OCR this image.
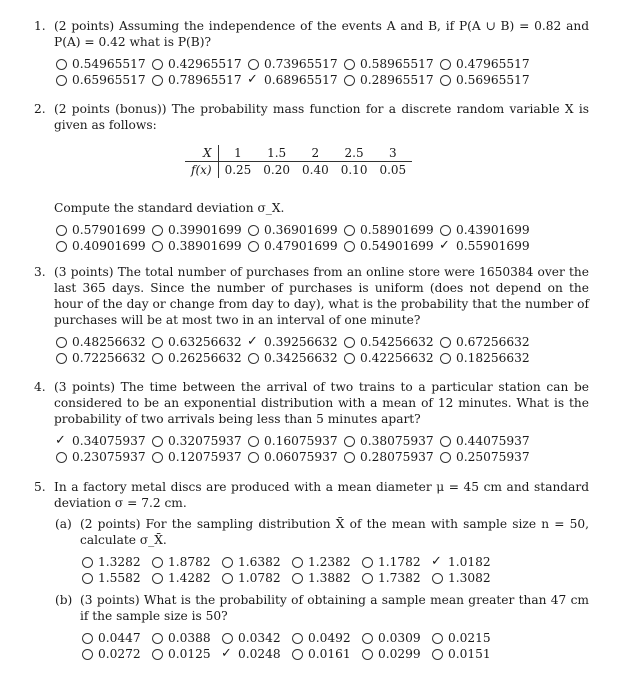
1. (2 points) Assuming the independence of the events A and B, if P(A ∪ B) = 0.82 and P(A) = 0.42 what is P(B)?
0.54965517 0.42965517 0.73965517 0.58965517 0.47965517
0.65965517 0.78965517 ✓ 0.68965517 0.28965517 0.56965517
2. (2 points (bonus)) The probability mass function for a discrete random variable X is given as follows:
X	1	1.5	2	2.5	3
f(x)	0.25	0.20	0.40	0.10	0.05
Compute the standard deviation σ_X.
0.57901699 0.39901699 0.36901699 0.58901699 0.43901699
0.40901699 0.38901699 0.47901699 0.54901699 ✓ 0.55901699
3. (3 points) The total number of purchases from an online store were 1650384 over the last 365 days. Since the number of purchases is uniform (does not depend on the hour of the day or change from day to day), what is the probability that the number of purchases will be at most two in an interval of one minute?
0.48256632 0.63256632 ✓ 0.39256632 0.54256632 0.67256632
0.72256632 0.26256632 0.34256632 0.42256632 0.18256632
4. (3 points) The time between the arrival of two trains to a particular station can be considered to be an exponential distribution with a mean of 12 minutes. What is the probability of two arrivals being less than 5 minutes apart?
✓
0.34075937 0.32075937 0.16075937 0.38075937 0.44075937
0.23075937 0.12075937 0.06075937 0.28075937 0.25075937
5. In a factory metal discs are produced with a mean diameter μ = 45 cm and standard deviation σ = 7.2 cm.
(a) (2 points) For the sampling distribution X̄ of the mean with sample size n = 50, calculate σ_X̄.
1.3282 1.8782 1.6382 1.2382 1.1782 ✓ 1.0182
1.5582 1.4282 1.0782 1.3882 1.7382 1.3082
(b) (3 points) What is the probability of obtaining a sample mean greater than 47 cm if the sample size is 50?
0.0447 0.0388 0.0342 0.0492 0.0309 0.0215
0.0272 0.0125 ✓ 0.0248 0.0161 0.0299 0.0151
